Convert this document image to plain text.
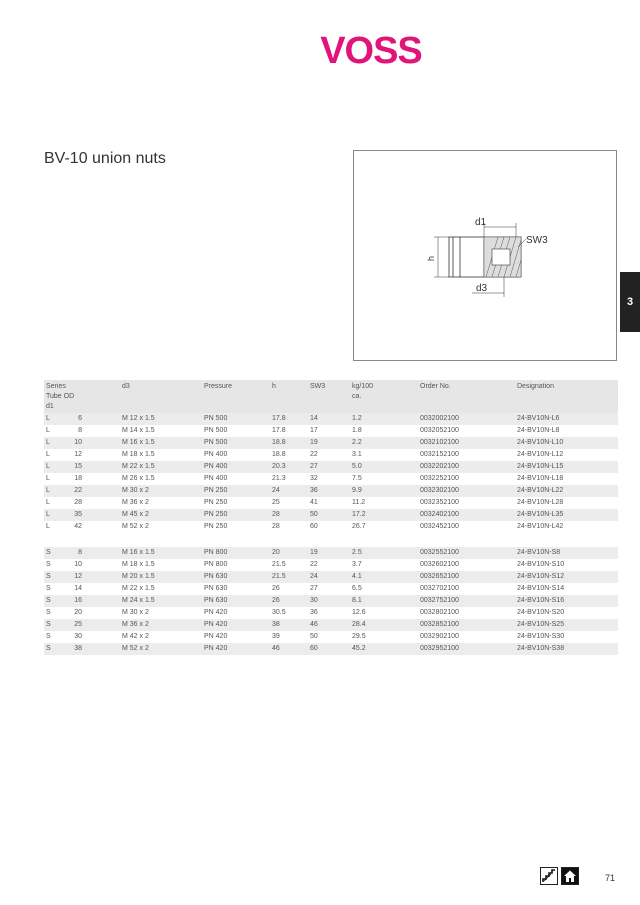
VOSS
BV-10 union nuts
d1
SW3
h
d3
3
Series
Tube OD
d1			d3	Pressure	h	SW3	kg/100
ca.	Order No.	Designation
L	6		M 12 x 1.5	PN 500	17.8	14	1.2	0032002100	24-BV10N-L6
L	8		M 14 x 1.5	PN 500	17.8	17	1.8	0032052100	24-BV10N-L8
L	10		M 16 x 1.5	PN 500	18.8	19	2.2	0032102100	24-BV10N-L10
L	12		M 18 x 1.5	PN 400	18.8	22	3.1	0032152100	24-BV10N-L12
L	15		M 22 x 1.5	PN 400	20.3	27	5.0	0032202100	24-BV10N-L15
L	18		M 26 x 1.5	PN 400	21.3	32	7.5	0032252100	24-BV10N-L18
L	22		M 30 x 2	PN 250	24	36	9.9	0032302100	24-BV10N-L22
L	28		M 36 x 2	PN 250	25	41	11.2	0032352100	24-BV10N-L28
L	35		M 45 x 2	PN 250	28	50	17.2	0032402100	24-BV10N-L35
L	42		M 52 x 2	PN 250	28	60	26.7	0032452100	24-BV10N-L42

S	8		M 16 x 1.5	PN 800	20	19	2.5	0032552100	24-BV10N-S8
S	10		M 18 x 1.5	PN 800	21.5	22	3.7	0032602100	24-BV10N-S10
S	12		M 20 x 1.5	PN 630	21.5	24	4.1	0032652100	24-BV10N-S12
S	14		M 22 x 1.5	PN 630	26	27	6.5	0032702100	24-BV10N-S14
S	16		M 24 x 1.5	PN 630	26	30	8.1	0032752100	24-BV10N-S16
S	20		M 30 x 2	PN 420	30.5	36	12.6	0032802100	24-BV10N-S20
S	25		M 36 x 2	PN 420	38	46	28.4	0032852100	24-BV10N-S25
S	30		M 42 x 2	PN 420	39	50	29.5	0032902100	24-BV10N-S30
S	38		M 52 x 2	PN 420	46	60	45.2	0032952100	24-BV10N-S38
71
